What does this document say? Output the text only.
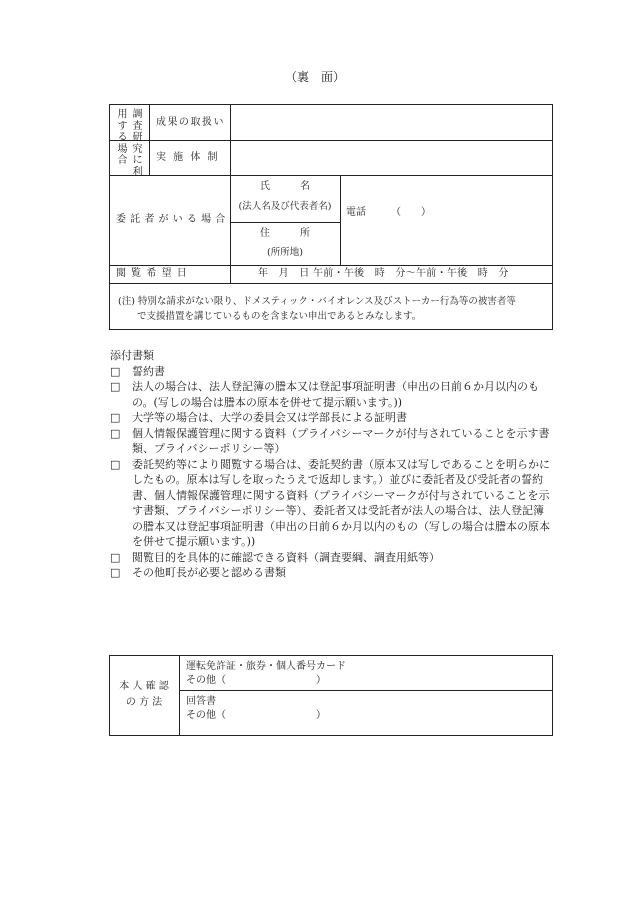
（裏　面）
調
査
研
究
に
利
用
す
る
場
合
成果の取扱い
実 施 体 制
委 託 者 が い る 場 合
氏　　　名
(法人名及び代表者名)
電話　　　（　　）
住　　　所
(所所地)
閲 覧 希 望 日	年　月　日 午前・午後　時　分〜午前・午後　時　分
(注) 特別な請求がない限り、ドメスティック・バイオレンス及びストーカー行為等の被害者等
　　で支援措置を講じているものを含まない申出であるとみなします。
添付書類
□ 誓約書
□ 法人の場合は、法人登記簿の謄本又は登記事項証明書（申出の日前６か月以内のもの。(写しの場合は謄本の原本を併せて提示願います。))
□ 大学等の場合は、大学の委員会又は学部長による証明書
□ 個人情報保護管理に関する資料（プライバシーマークが付与されていることを示す書類、プライバシーポリシー等）
□ 委託契約等により閲覧する場合は、委託契約書（原本又は写しであることを明らかにしたもの。原本は写しを取ったうえで返却します。）並びに委託者及び受託者の誓約書、個人情報保護管理に関する資料（プライバシーマークが付与されていることを示す書類、プライバシーポリシー等）、委託者又は受託者が法人の場合は、法人登記簿の謄本又は登記事項証明書（申出の日前６か月以内のもの（写しの場合は謄本の原本を併せて提示願います。))
□ 閲覧目的を具体的に確認できる資料（調査要綱、調査用紙等）
□ その他町長が必要と認める書類
本 人 確 認
の 方 法
運転免許証・旅券・個人番号カード
その他（　　　　　　　　　）
回答書
その他（　　　　　　　　　）
